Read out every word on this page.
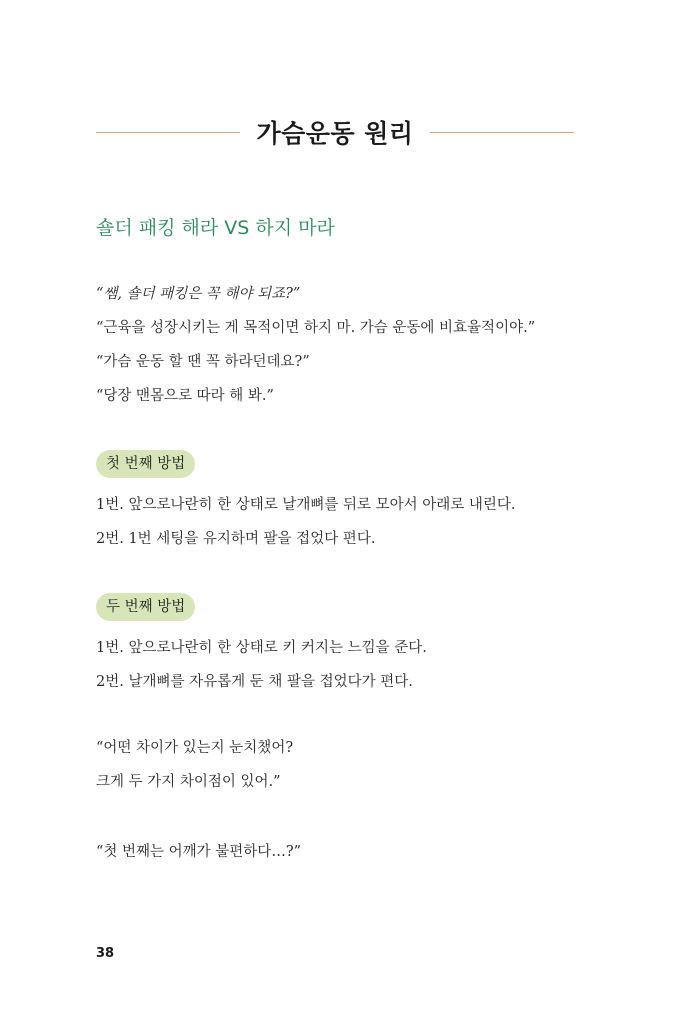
가슴운동 원리
숄더 패킹 해라 VS 하지 마라
“쌤, 숄더 패킹은 꼭 해야 되죠?”
“근육을 성장시키는 게 목적이면 하지 마. 가슴 운동에 비효율적이야.”
“가슴 운동 할 땐 꼭 하라던데요?”
“당장 맨몸으로 따라 해 봐.”
첫 번째 방법
1번. 앞으로나란히 한 상태로 날개뼈를 뒤로 모아서 아래로 내린다.
2번. 1번 세팅을 유지하며 팔을 접었다 편다.
두 번째 방법
1번. 앞으로나란히 한 상태로 키 커지는 느낌을 준다.
2번. 날개뼈를 자유롭게 둔 채 팔을 접었다가 편다.
“어떤 차이가 있는지 눈치챘어?
크게 두 가지 차이점이 있어.”
“첫 번째는 어깨가 불편하다…?”
38
